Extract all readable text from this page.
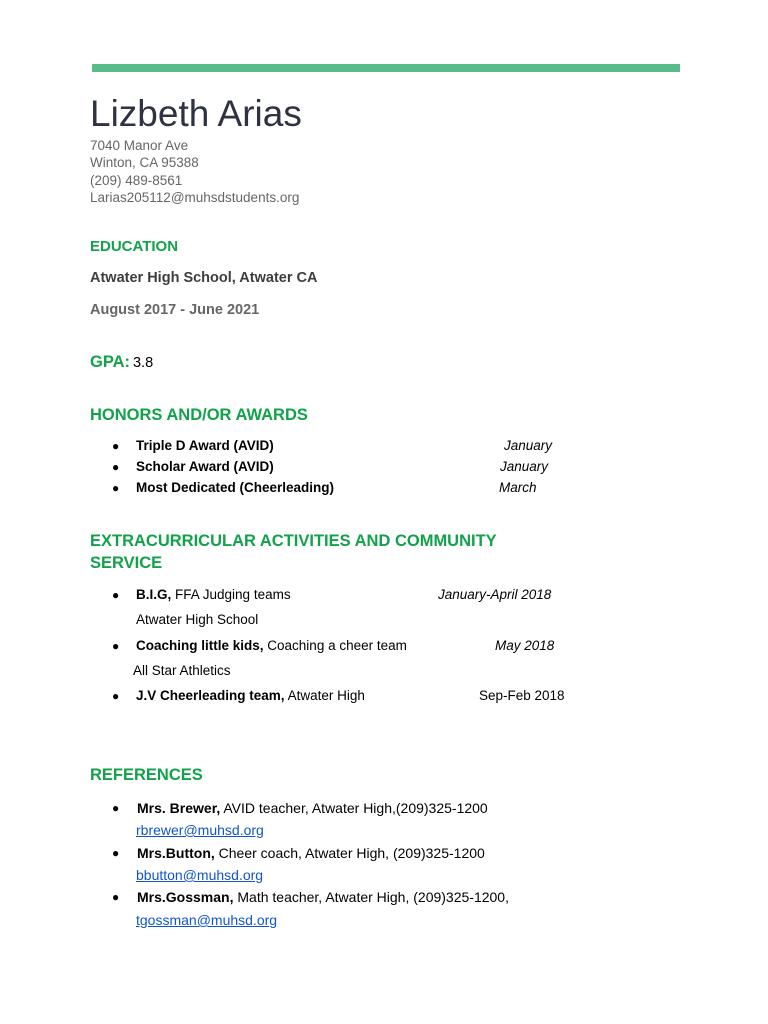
Lizbeth Arias
7040 Manor Ave
Winton, CA 95388
(209) 489-8561
Larias205112@muhsdstudents.org
EDUCATION
Atwater High School, Atwater CA
August 2017 - June 2021
GPA: 3.8
HONORS AND/OR AWARDS
● Triple D Award (AVID)	January
● Scholar Award (AVID)	January
● Most Dedicated (Cheerleading)	March
EXTRACURRICULAR ACTIVITIES AND COMMUNITY
SERVICE
● B.I.G, FFA Judging teams	January-April 2018
Atwater High School
● Coaching little kids, Coaching a cheer team	May 2018
All Star Athletics
● J.V Cheerleading team, Atwater High	Sep-Feb 2018
REFERENCES
● Mrs. Brewer, AVID teacher, Atwater High,(209)325-1200
rbrewer@muhsd.org
● Mrs.Button, Cheer coach, Atwater High, (209)325-1200
bbutton@muhsd.org
● Mrs.Gossman, Math teacher, Atwater High, (209)325-1200,
tgossman@muhsd.org
